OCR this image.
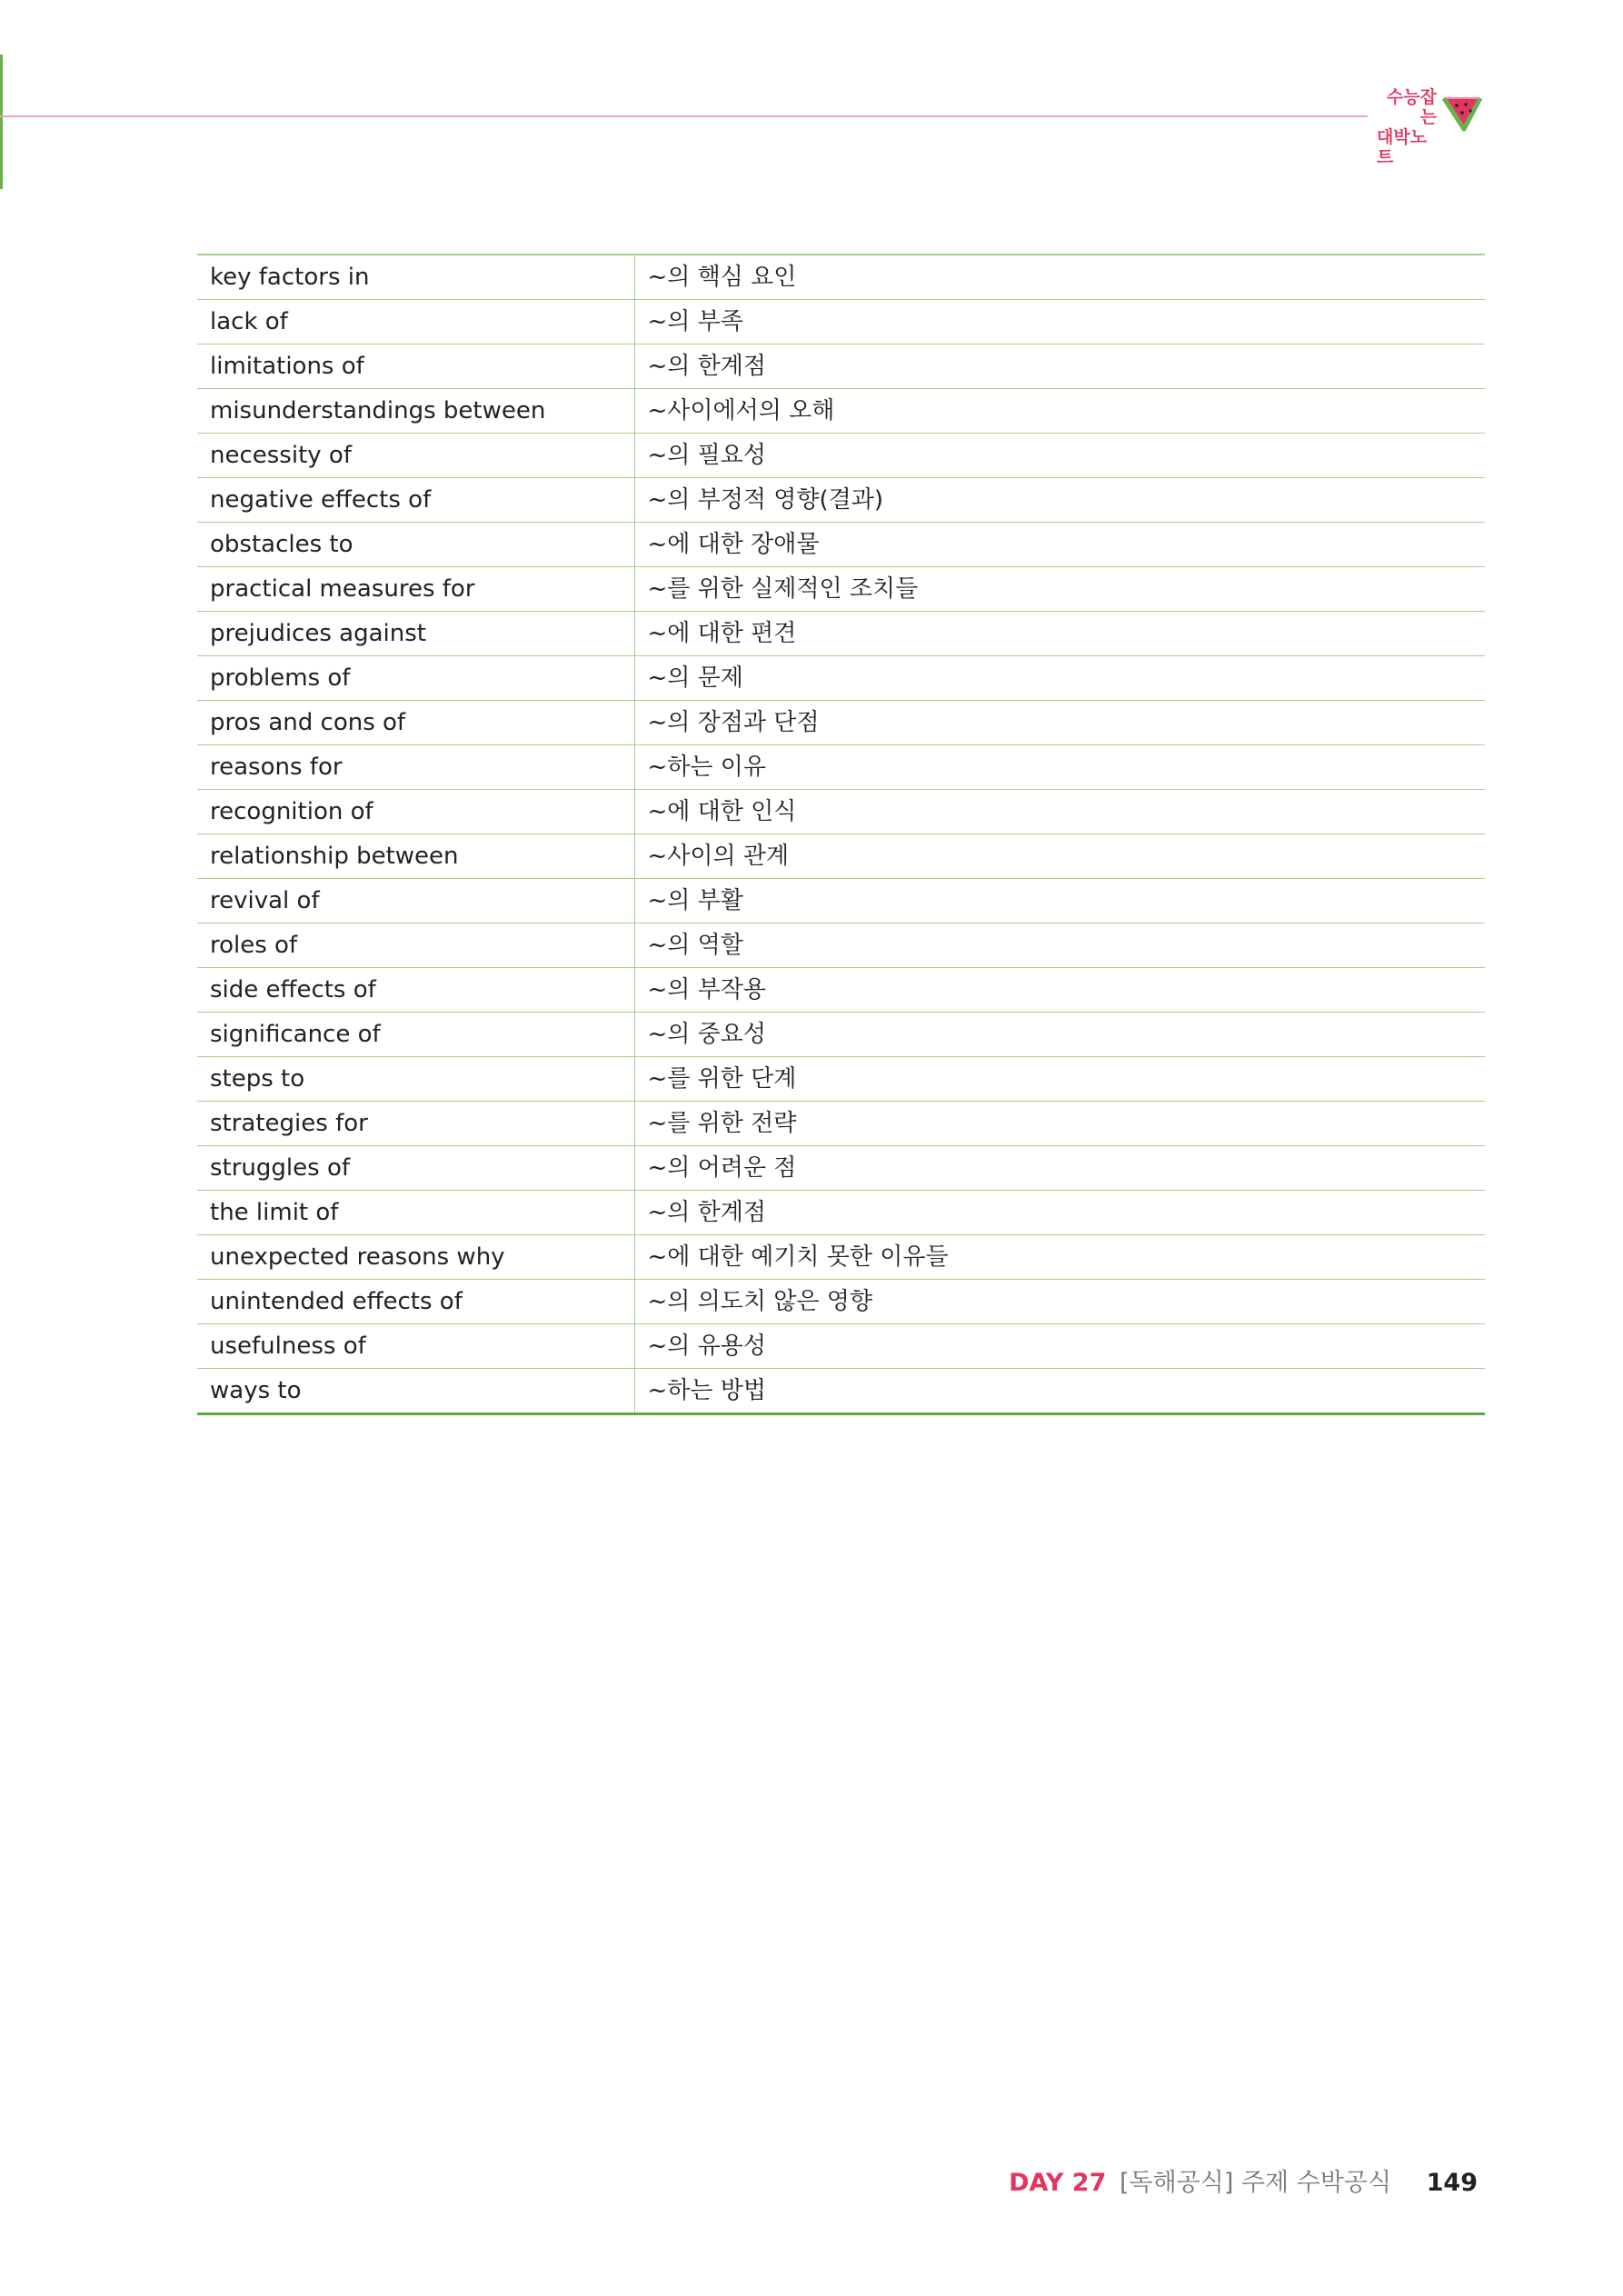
수능잡는
대박노트
key factors in	~의 핵심 요인
lack of	~의 부족
limitations of	~의 한계점
misunderstandings between	~사이에서의 오해
necessity of	~의 필요성
negative effects of	~의 부정적 영향(결과)
obstacles to	~에 대한 장애물
practical measures for	~를 위한 실제적인 조치들
prejudices against	~에 대한 편견
problems of	~의 문제
pros and cons of	~의 장점과 단점
reasons for	~하는 이유
recognition of	~에 대한 인식
relationship between	~사이의 관계
revival of	~의 부활
roles of	~의 역할
side effects of	~의 부작용
significance of	~의 중요성
steps to	~를 위한 단계
strategies for	~를 위한 전략
struggles of	~의 어려운 점
the limit of	~의 한계점
unexpected reasons why	~에 대한 예기치 못한 이유들
unintended effects of	~의 의도치 않은 영향
usefulness of	~의 유용성
ways to	~하는 방법
DAY 27 [독해공식] 주제 수박공식 149
